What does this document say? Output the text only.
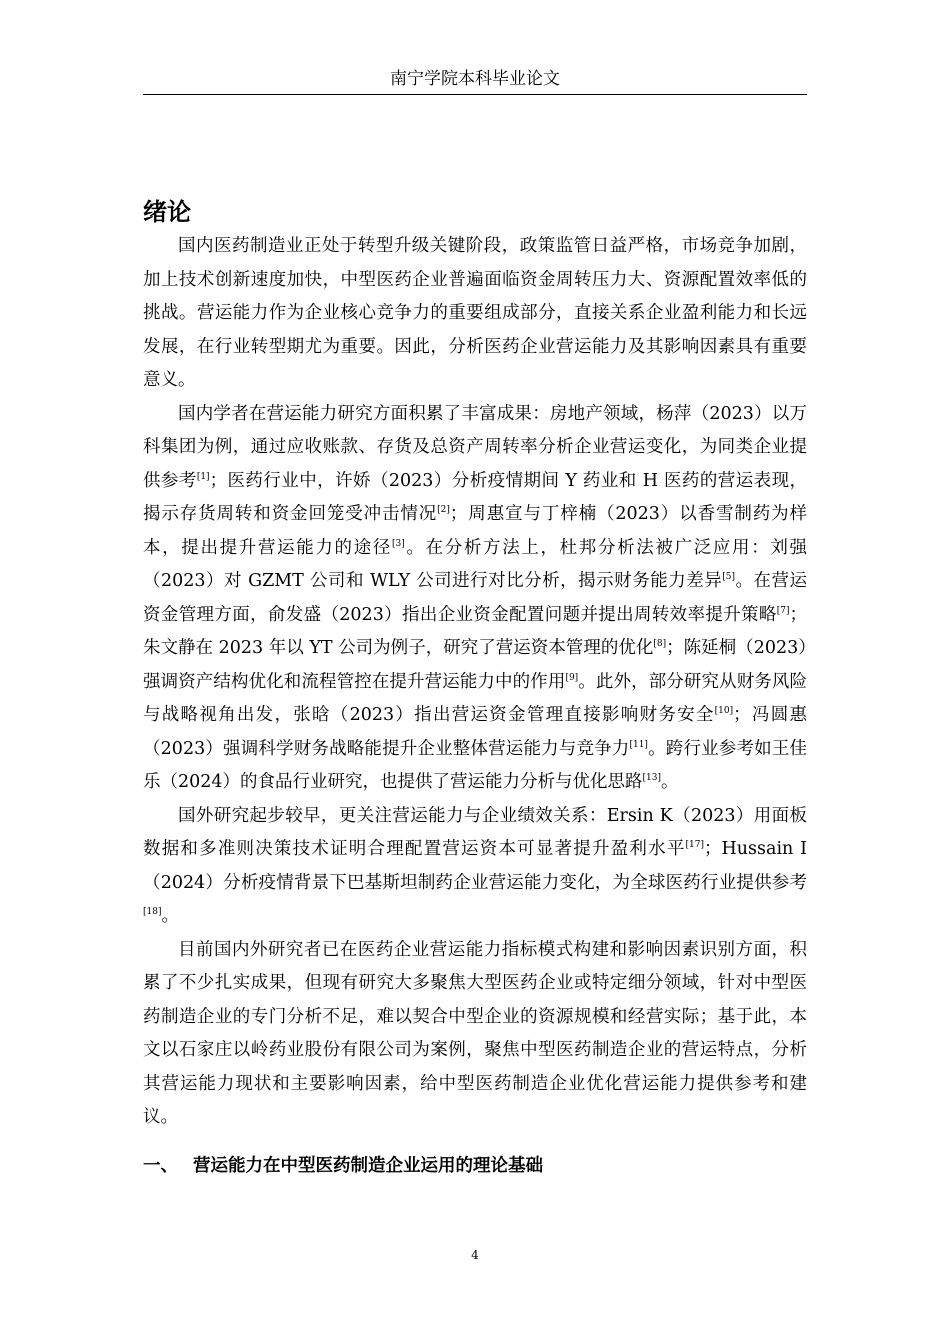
南宁学院本科毕业论文
绪论

国内医药制造业正处于转型升级关键阶段，政策监管日益严格，市场竞争加剧，加上技术创新速度加快，中型医药企业普遍面临资金周转压力大、资源配置效率低的挑战。营运能力作为企业核心竞争力的重要组成部分，直接关系企业盈利能力和长远发展，在行业转型期尤为重要。因此，分析医药企业营运能力及其影响因素具有重要意义。

国内学者在营运能力研究方面积累了丰富成果：房地产领域，杨萍（2023）以万科集团为例，通过应收账款、存货及总资产周转率分析企业营运变化，为同类企业提供参考[1]；医药行业中，许娇（2023）分析疫情期间 Y 药业和 H 医药的营运表现，揭示存货周转和资金回笼受冲击情况[2]；周惠宣与丁梓楠（2023）以香雪制药为样本，提出提升营运能力的途径[3]。在分析方法上，杜邦分析法被广泛应用：刘强（2023）对 GZMT 公司和 WLY 公司进行对比分析，揭示财务能力差异[5]。在营运资金管理方面，俞发盛（2023）指出企业资金配置问题并提出周转效率提升策略[7]；朱文静在 2023 年以 YT 公司为例子，研究了营运资本管理的优化[8]；陈延桐（2023）强调资产结构优化和流程管控在提升营运能力中的作用[9]。此外，部分研究从财务风险与战略视角出发，张晗（2023）指出营运资金管理直接影响财务安全[10]；冯圆惠（2023）强调科学财务战略能提升企业整体营运能力与竞争力[11]。跨行业参考如王佳乐（2024）的食品行业研究，也提供了营运能力分析与优化思路[13]。

国外研究起步较早，更关注营运能力与企业绩效关系：Ersin K（2023）用面板数据和多准则决策技术证明合理配置营运资本可显著提升盈利水平[17]；Hussain I（2024）分析疫情背景下巴基斯坦制药企业营运能力变化，为全球医药行业提供参考[18]。

目前国内外研究者已在医药企业营运能力指标模式构建和影响因素识别方面，积累了不少扎实成果，但现有研究大多聚焦大型医药企业或特定细分领域，针对中型医药制造企业的专门分析不足，难以契合中型企业的资源规模和经营实际；基于此，本文以石家庄以岭药业股份有限公司为案例，聚焦中型医药制造企业的营运特点，分析其营运能力现状和主要影响因素，给中型医药制造企业优化营运能力提供参考和建议。

一、 营运能力在中型医药制造企业运用的理论基础
4
